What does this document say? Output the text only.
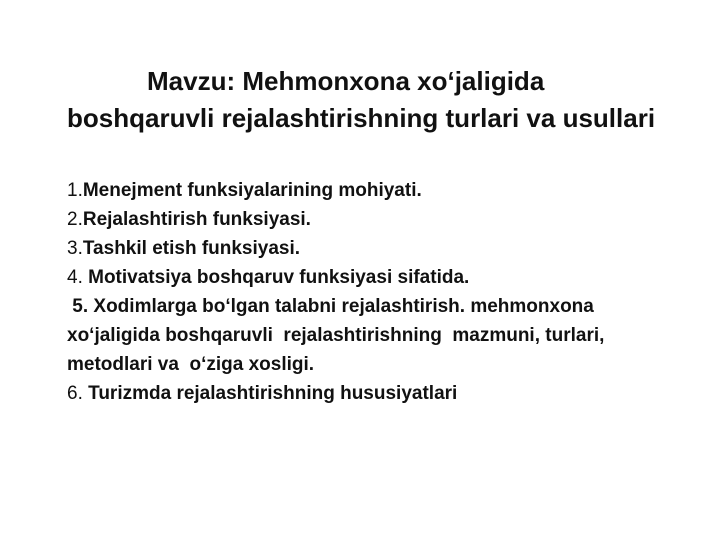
Mavzu: Mehmonxona xo‘jaligida boshqaruvli rejalashtirishning turlari va usullari
1.Menejment funksiyalarining mohiyati.
2.Rejalashtirish funksiyasi.
3.Tashkil etish funksiyasi.
4. Motivatsiya boshqaruv funksiyasi sifatida.
5. Xodimlarga bo‘lgan talabni rejalashtirish. mehmonxona xo‘jaligida boshqaruvli  rejalashtirishning  mazmuni, turlari, metodlari va  o‘ziga xosligi.
6. Turizmda rejalashtirishning hususiyatlari
